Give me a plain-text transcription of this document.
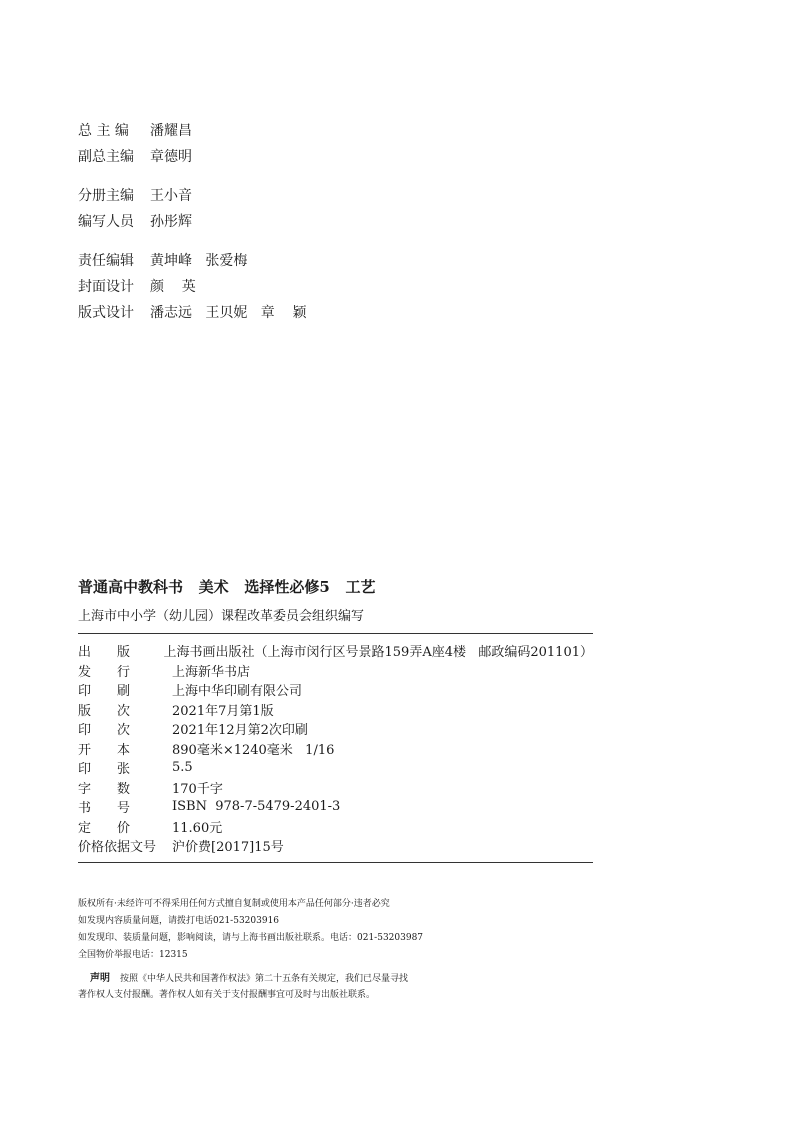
总 主 编	潘耀昌
副总主编	章德明
分册主编	王小音
编写人员	孙彤辉
责任编辑	黄坤峰   张爱梅
封面设计	颜    英
版式设计	潘志远   王贝妮   章    颖
普通高中教科书   美术   选择性必修5   工艺
上海市中小学（幼儿园）课程改革委员会组织编写
出　　版	上海书画出版社（上海市闵行区号景路159弄A座4楼   邮政编码201101）
发　　行	上海新华书店
印　　刷	上海中华印刷有限公司
版　　次	2021年7月第1版
印　　次	2021年12月第2次印刷
开　　本	890毫米×1240毫米   1/16
印　　张	5.5
字　　数	170千字
书　　号	ISBN  978-7-5479-2401-3
定　　价	11.60元
价格依据文号	沪价费[2017]15号
版权所有·未经许可不得采用任何方式擅自复制或使用本产品任何部分·违者必究
如发现内容质量问题，请拨打电话021-53203916
如发现印、装质量问题，影响阅读，请与上海书画出版社联系。电话：021-53203987
全国物价举报电话：12315
声明 按照《中华人民共和国著作权法》第二十五条有关规定，我们已尽量寻找
著作权人支付报酬。著作权人如有关于支付报酬事宜可及时与出版社联系。
